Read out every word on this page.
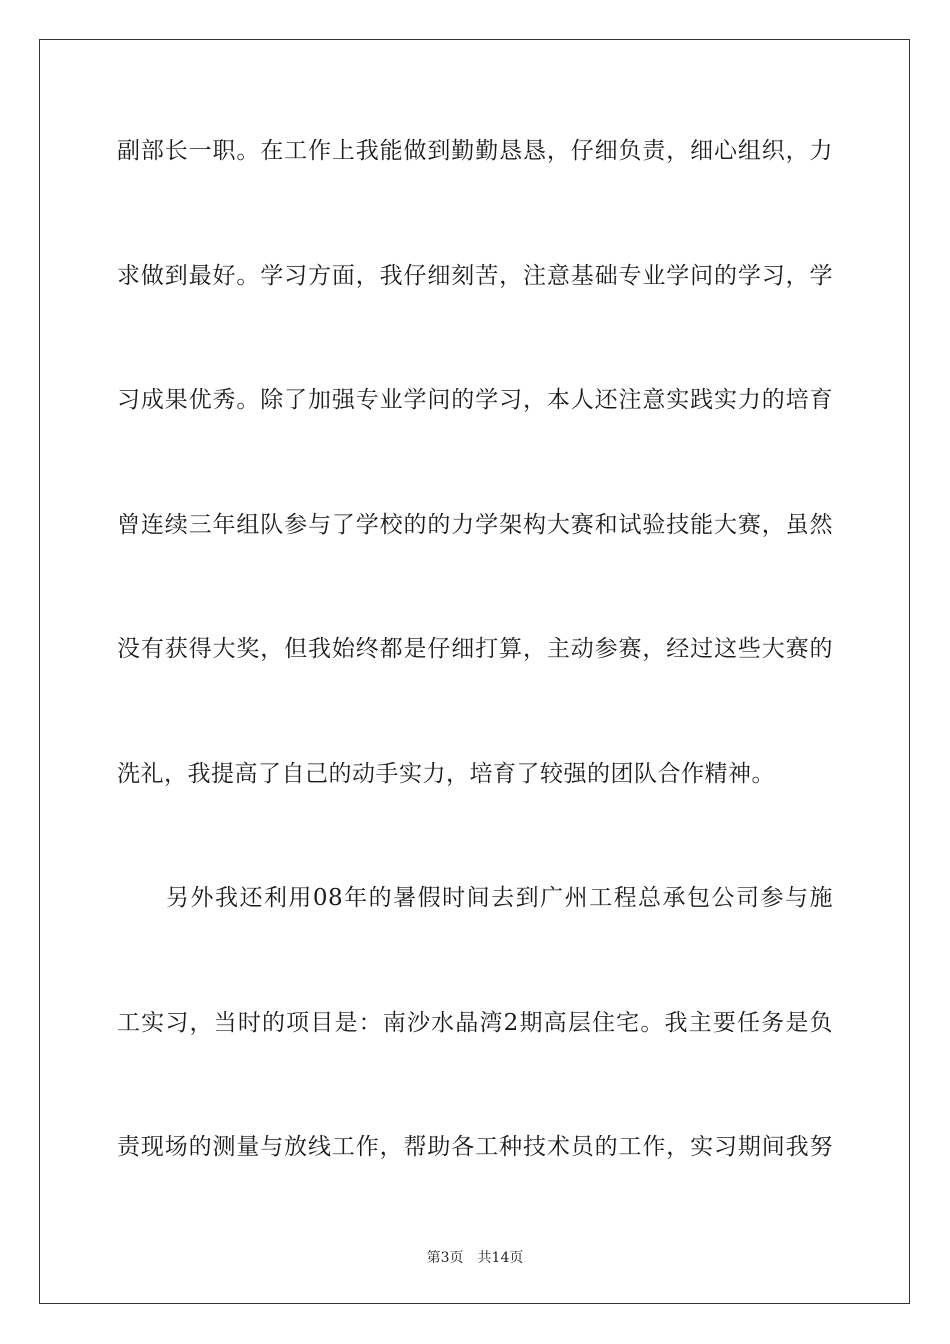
副部长一职。在工作上我能做到勤勤恳恳，仔细负责，细心组织，力
求做到最好。学习方面，我仔细刻苦，注意基础专业学问的学习，学
习成果优秀。除了加强专业学问的学习，本人还注意实践实力的培育
曾连续三年组队参与了学校的的力学架构大赛和试验技能大赛，虽然
没有获得大奖，但我始终都是仔细打算，主动参赛，经过这些大赛的
洗礼，我提高了自己的动手实力，培育了较强的团队合作精神。
　　另外我还利用08年的暑假时间去到广州工程总承包公司参与施
工实习，当时的项目是：南沙水晶湾2期高层住宅。我主要任务是负
责现场的测量与放线工作，帮助各工种技术员的工作，实习期间我努
第3页 共14页
